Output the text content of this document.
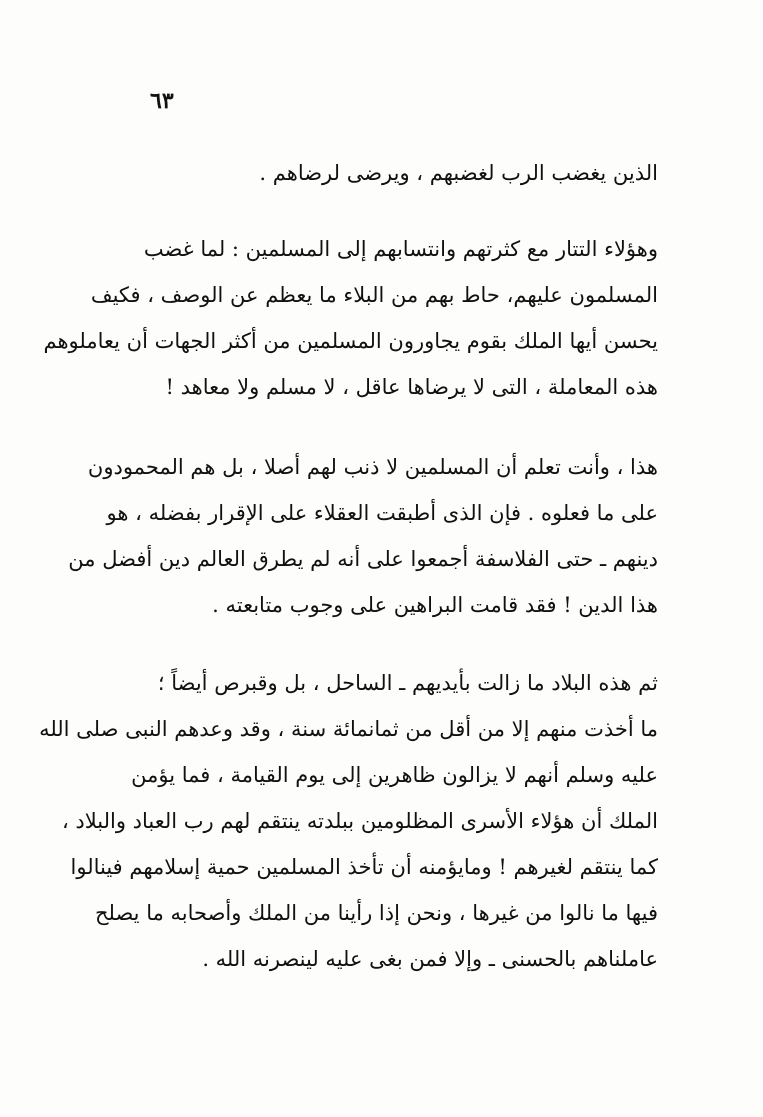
٦٣
الذين يغضب الرب لغضبهم ، ويرضى لرضاهم .
وهؤلاء التتار مع كثرتهم وانتسابهم إلى المسلمين : لما غضب
المسلمون عليهم، حاط بهم من البلاء ما يعظم عن الوصف ، فكيف
يحسن أيها الملك بقوم يجاورون المسلمين من أكثر الجهات أن يعاملوهم
هذه المعاملة ، التى لا يرضاها عاقل ، لا مسلم ولا معاهد !
هذا ، وأنت تعلم أن المسلمين لا ذنب لهم أصلا ، بل هم المحمودون
على ما فعلوه . فإن الذى أطبقت العقلاء على الإقرار بفضله ، هو
دينهم ـ حتى الفلاسفة أجمعوا على أنه لم يطرق العالم دين أفضل من
هذا الدين ! فقد قامت البراهين على وجوب متابعته .
ثم هذه البلاد ما زالت بأيديهم ـ الساحل ، بل وقبرص أيضاً ؛
ما أخذت منهم إلا من أقل من ثمانمائة سنة ، وقد وعدهم النبى صلى الله
عليه وسلم أنهم لا يزالون ظاهرين إلى يوم القيامة ، فما يؤمن
الملك أن هؤلاء الأسرى المظلومين ببلدته ينتقم لهم رب العباد والبلاد ،
كما ينتقم لغيرهم ! ومايؤمنه أن تأخذ المسلمين حمية إسلامهم فينالوا
فيها ما نالوا من غيرها ، ونحن إذا رأينا من الملك وأصحابه ما يصلح
عاملناهم بالحسنى ـ وإلا فمن بغى عليه لينصرنه الله .
